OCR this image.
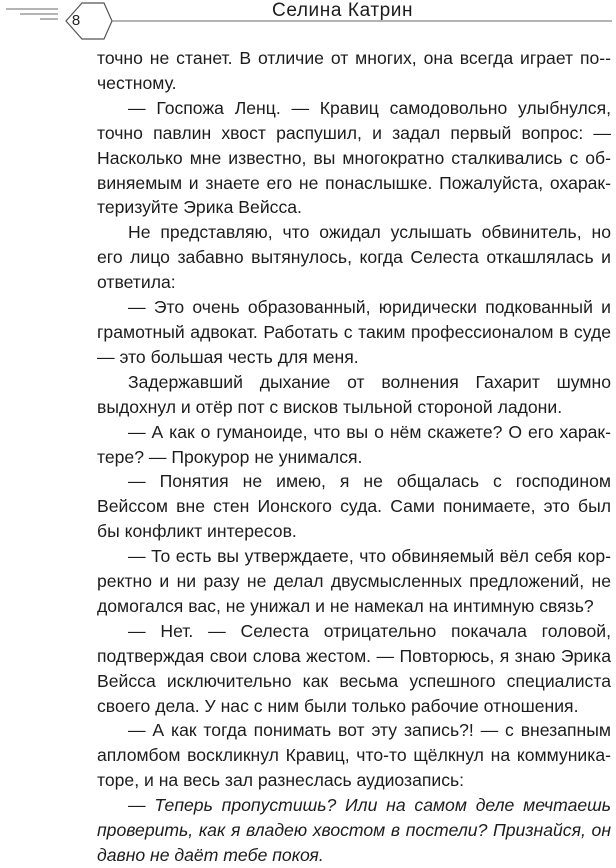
8	Селина Катрин

точно не станет. В отличие от многих, она всегда играет по-честному.

— Госпожа Ленц. — Кравиц самодовольно улыбнулся, точно павлин хвост распушил, и задал первый вопрос: — Насколько мне известно, вы многократно сталкивались с обвиняемым и знаете его не понаслышке. Пожалуйста, охарактеризуйте Эрика Вейсса.

Не представляю, что ожидал услышать обвинитель, но его лицо забавно вытянулось, когда Селеста откашлялась и ответила:

— Это очень образованный, юридически подкованный и грамотный адвокат. Работать с таким профессионалом в суде — это большая честь для меня.

Задержавший дыхание от волнения Гахарит шумно выдохнул и отёр пот с висков тыльной стороной ладони.

— А как о гуманоиде, что вы о нём скажете? О его характере? — Прокурор не унимался.

— Понятия не имею, я не общалась с господином Вейссом вне стен Ионского суда. Сами понимаете, это был бы конфликт интересов.

— То есть вы утверждаете, что обвиняемый вёл себя корректно и ни разу не делал двусмысленных предложений, не домогался вас, не унижал и не намекал на интимную связь?

— Нет. — Селеста отрицательно покачала головой, подтверждая свои слова жестом. — Повторюсь, я знаю Эрика Вейсса исключительно как весьма успешного специалиста своего дела. У нас с ним были только рабочие отношения.

— А как тогда понимать вот эту запись?! — с внезапным апломбом воскликнул Кравиц, что-то щёлкнул на коммуникаторе, и на весь зал разнеслась аудиозапись:

— Теперь пропустишь? Или на самом деле мечтаешь проверить, как я владею хвостом в постели? Признайся, он давно не даёт тебе покоя.
